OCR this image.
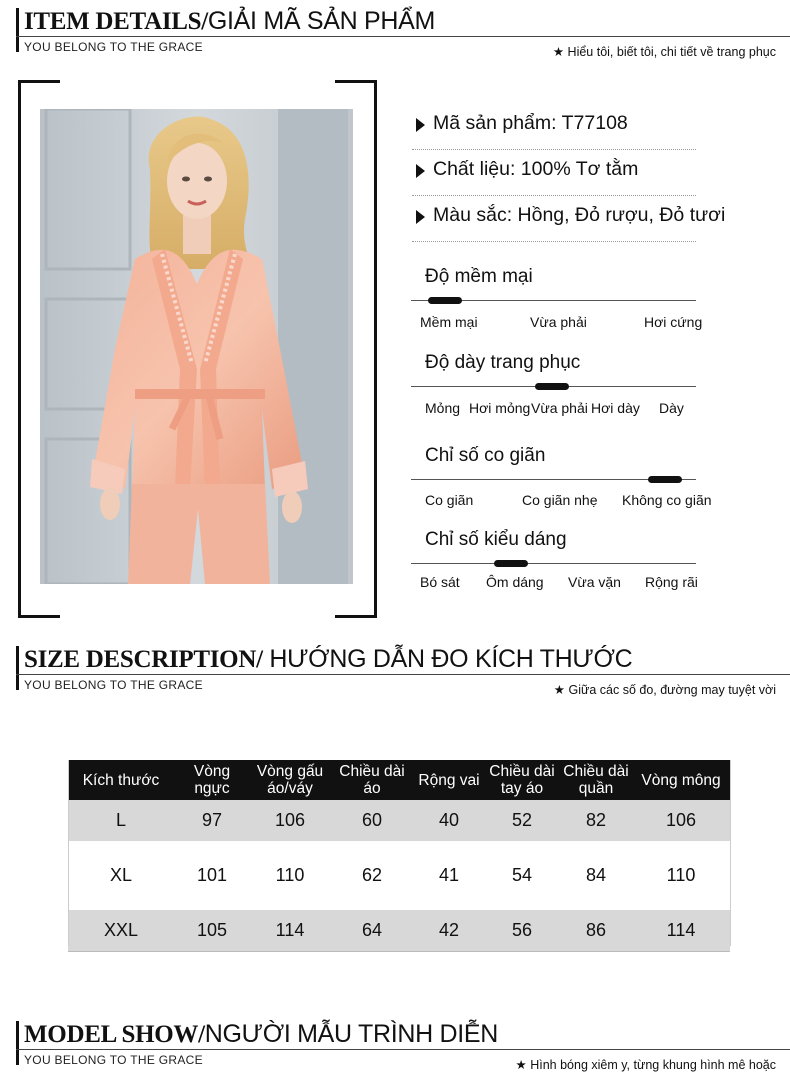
ITEM DETAILS/GIẢI MÃ SẢN PHẨM
YOU BELONG TO THE GRACE	★ Hiểu tôi, biết tôi, chi tiết về trang phục
Mã sản phẩm: T77108
Chất liệu: 100% Tơ tằm
Màu sắc: Hồng, Đỏ rượu, Đỏ tươi
Độ mềm mại
Mềm mại	Vừa phải	Hơi cứng
Độ dày trang phục
Mỏng Hơi mỏng Vừa phải Hơi dày Dày
Chỉ số co giãn
Co giãn	Co giãn nhẹ Không co giãn
Chỉ số kiểu dáng
Bó sát Ôm dáng Vừa vặn Rộng rãi
SIZE DESCRIPTION/ HƯỚNG DẪN ĐO KÍCH THƯỚC
YOU BELONG TO THE GRACE	★ Giữa các số đo, đường may tuyệt vời
Kích thước	Vòng ngực	Vòng gấu áo/váy	Chiều dài áo	Rộng vai	Chiều dài tay áo	Chiều dài quần	Vòng mông
L	97	106	60	40	52	82	106
XL	101	110	62	41	54	84	110
XXL	105	114	64	42	56	86	114
MODEL SHOW/NGƯỜI MẪU TRÌNH DIỄN
YOU BELONG TO THE GRACE	★ Hình bóng xiêm y, từng khung hình mê hoặc
